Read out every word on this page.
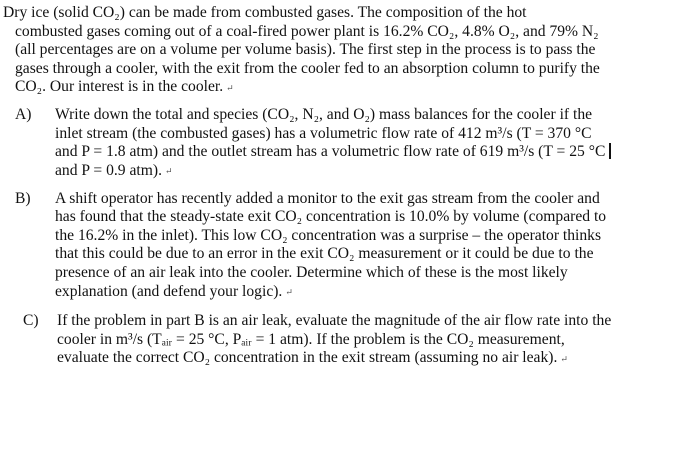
Dry ice (solid CO₂) can be made from combusted gases. The composition of the hot
combusted gases coming out of a coal-fired power plant is 16.2% CO₂, 4.8% O₂, and 79% N₂
(all percentages are on a volume per volume basis). The first step in the process is to pass the
gases through a cooler, with the exit from the cooler fed to an absorption column to purify the
CO₂. Our interest is in the cooler. ↵
A) Write down the total and species (CO₂, N₂, and O₂) mass balances for the cooler if the
inlet stream (the combusted gases) has a volumetric flow rate of 412 m³/s (T = 370 °C
and P = 1.8 atm) and the outlet stream has a volumetric flow rate of 619 m³/s (T = 25 °C
and P = 0.9 atm). ↵
B) A shift operator has recently added a monitor to the exit gas stream from the cooler and
has found that the steady-state exit CO₂ concentration is 10.0% by volume (compared to
the 16.2% in the inlet). This low CO₂ concentration was a surprise – the operator thinks
that this could be due to an error in the exit CO₂ measurement or it could be due to the
presence of an air leak into the cooler. Determine which of these is the most likely
explanation (and defend your logic). ↵
C) If the problem in part B is an air leak, evaluate the magnitude of the air flow rate into the
cooler in m³/s (Tₐᵢᵣ = 25 °C, Pₐᵢᵣ = 1 atm). If the problem is the CO₂ measurement,
evaluate the correct CO₂ concentration in the exit stream (assuming no air leak). ↵
